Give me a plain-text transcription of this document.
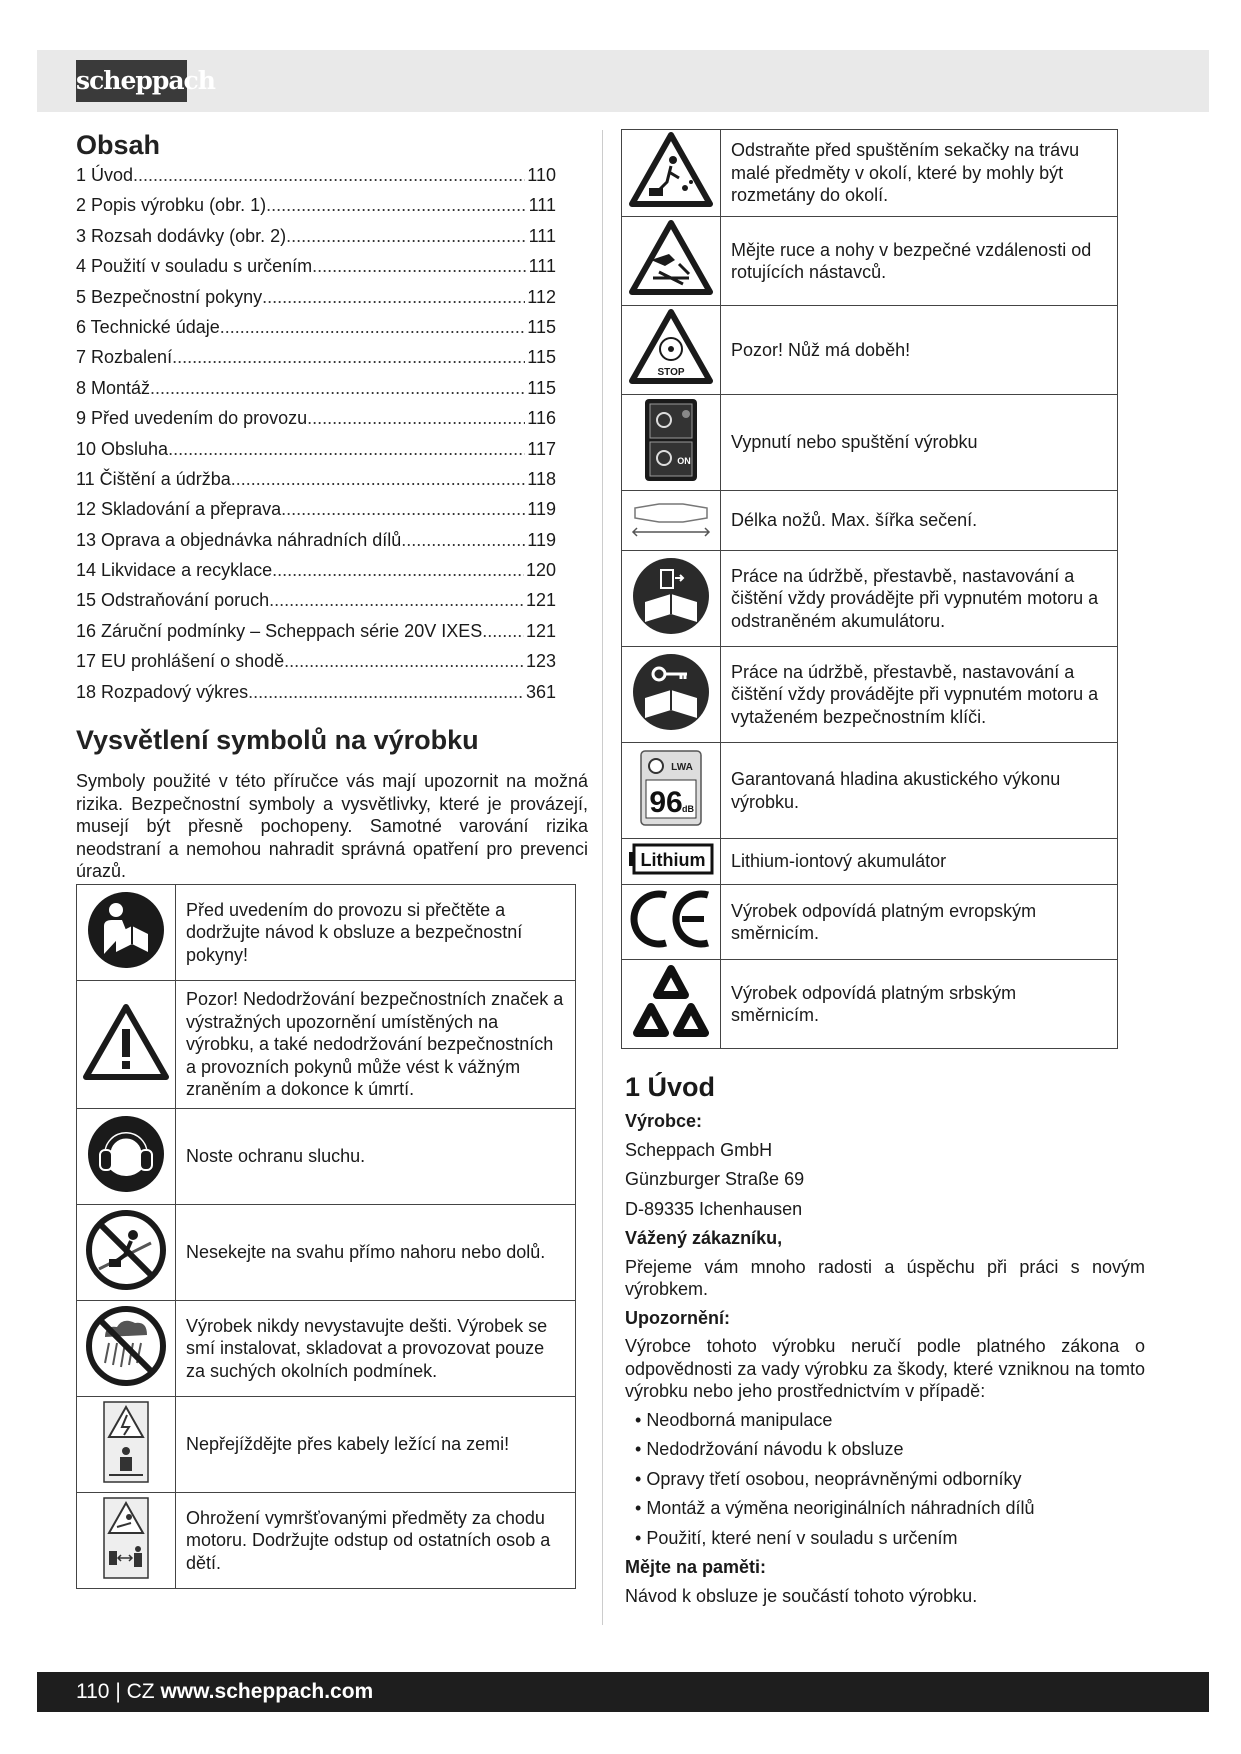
scheppach
Obsah
1 Úvod .....	110
2 Popis výrobku (obr. 1) .....	111
3 Rozsah dodávky (obr. 2) .....	111
4 Použití v souladu s určením .....	111
5 Bezpečnostní pokyny .....	112
6 Technické údaje .....	115
7 Rozbalení .....	115
8 Montáž .....	115
9 Před uvedením do provozu .....	116
10 Obsluha .....	117
11 Čištění a údržba .....	118
12 Skladování a přeprava .....	119
13 Oprava a objednávka náhradních dílů .....	119
14 Likvidace a recyklace .....	120
15 Odstraňování poruch .....	121
16 Záruční podmínky – Scheppach série 20V IXES ..... 121
17 EU prohlášení o shodě .....	123
18 Rozpadový výkres .....	361
Vysvětlení symbolů na výrobku
Symboly použité v této příručce vás mají upozornit na možná rizika. Bezpečnostní symboly a vysvětlivky, které je provázejí, musejí být přesně pochopeny. Samotné varování rizika neodstraní a nemohou nahradit správná opatření pro prevenci úrazů.
	Před uvedením do provozu si přečtěte a dodržujte návod k obsluze a bezpečnostní pokyny!
	Pozor! Nedodržování bezpečnostních značek a výstražných upozornění umístěných na výrobku, a také nedodržování bezpečnostních a provozních pokynů může vést k vážným zraněním a dokonce k úmrtí.
	Noste ochranu sluchu.
	Nesekejte na svahu přímo nahoru nebo dolů.
	Výrobek nikdy nevystavujte dešti. Výrobek se smí instalovat, skladovat a provozovat pouze za suchých okolních podmínek.
	Nepřejíždějte přes kabely ležící na zemi!
	Ohrožení vymršťovanými předměty za chodu motoru. Dodržujte odstup od ostatních osob a dětí.
	Odstraňte před spuštěním sekačky na trávu malé předměty v okolí, které by mohly být rozmetány do okolí.
	Mějte ruce a nohy v bezpečné vzdálenosti od rotujících nástavců.

STOP	Pozor! Nůž má doběh!

ON	Vypnutí nebo spuštění výrobku
	Délka nožů. Max. šířka sečení.
	Práce na údržbě, přestavbě, nastavování a čištění vždy provádějte při vypnutém motoru a odstraněném akumulátoru.
	Práce na údržbě, přestavbě, nastavování a čištění vždy provádějte při vypnutém motoru a vytaženém bezpečnostním klíči.

LWA
96 dB	Garantovaná hladina akustického výkonu výrobku.

Lithium	Lithium-iontový akumulátor
	Výrobek odpovídá platným evropským směrnicím.
	Výrobek odpovídá platným srbským směrnicím.
1 Úvod
Výrobce:
Scheppach GmbH
Günzburger Straße 69
D-89335 Ichenhausen
Vážený zákazníku,
Přejeme vám mnoho radosti a úspěchu při práci s novým výrobkem.
Upozornění:
Výrobce tohoto výrobku neručí podle platného zákona o odpovědnosti za vady výrobku za škody, které vzniknou na tomto výrobku nebo jeho prostřednictvím v případě:
• Neodborná manipulace
• Nedodržování návodu k obsluze
• Opravy třetí osobou, neoprávněnými odborníky
• Montáž a výměna neoriginálních náhradních dílů
• Použití, které není v souladu s určením
Mějte na paměti:
Návod k obsluze je součástí tohoto výrobku.
110 | CZ www.scheppach.com
